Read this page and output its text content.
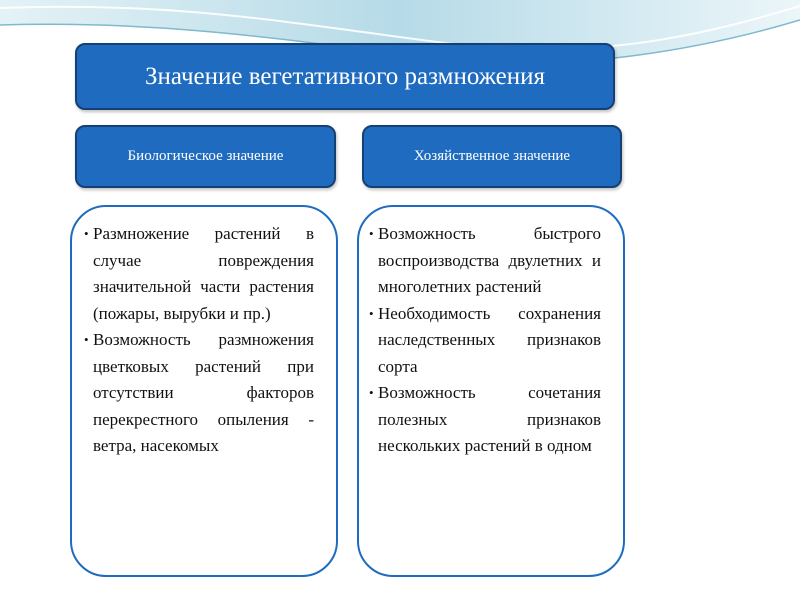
Значение вегетативного размножения
Биологическое значение	Хозяйственное значение
• Размножение растений в случае повреждения значительной части растения (пожары, вырубки и пр.)
• Возможность размножения цветковых растений при отсутствии факторов перекрестного опыления - ветра, насекомых
• Возможность быстрого воспроизводства двулетних и многолетних растений
• Необходимость сохранения наследственных признаков сорта
• Возможность сочетания полезных признаков нескольких растений в одном
